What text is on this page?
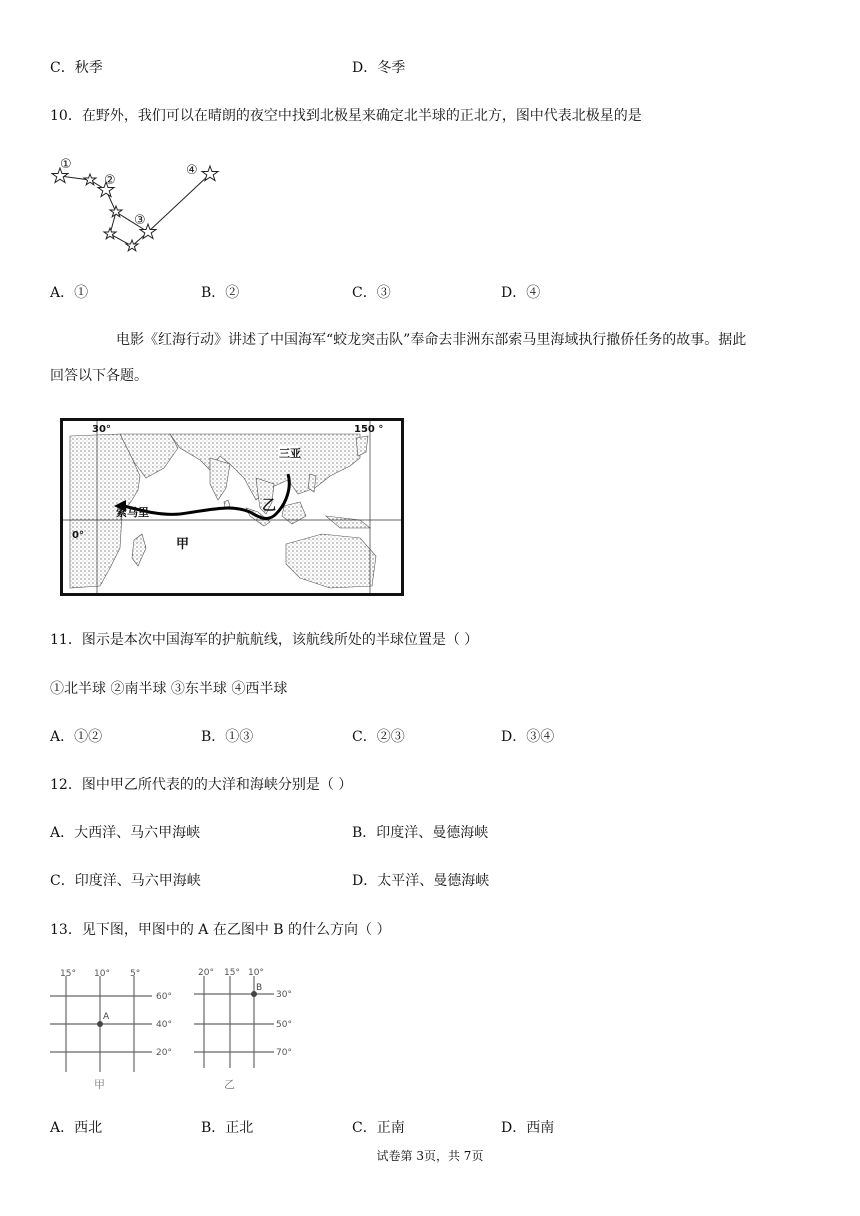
C．秋季	D．冬季
10．在野外，我们可以在晴朗的夜空中找到北极星来确定北半球的正北方，图中代表北极星的是
①
②
③
④
A．①	B．②	C．③	D．④
电影《红海行动》讲述了中国海军“蛟龙突击队”奉命去非洲东部索马里海域执行撤侨任务的故事。据此
回答以下各题。
30°	150 °
0°
三亚
乙
索马里
甲
11．图示是本次中国海军的护航航线，该航线所处的半球位置是（ ）
①北半球 ②南半球 ③东半球 ④西半球
A．①②	B．①③	C．②③	D．③④
12．图中甲乙所代表的的大洋和海峡分别是（ ）
A．大西洋、马六甲海峡	B．印度洋、曼德海峡
C．印度洋、马六甲海峡	D．太平洋、曼德海峡
13．见下图，甲图中的 A 在乙图中 B 的什么方向（ ）
15° 10° 5°
60°
40°
20°
A
甲
20° 15° 10°
30°
50°
70°
B
乙
A．西北	B．正北	C．正南	D．西南
试卷第 3页，共 7页
